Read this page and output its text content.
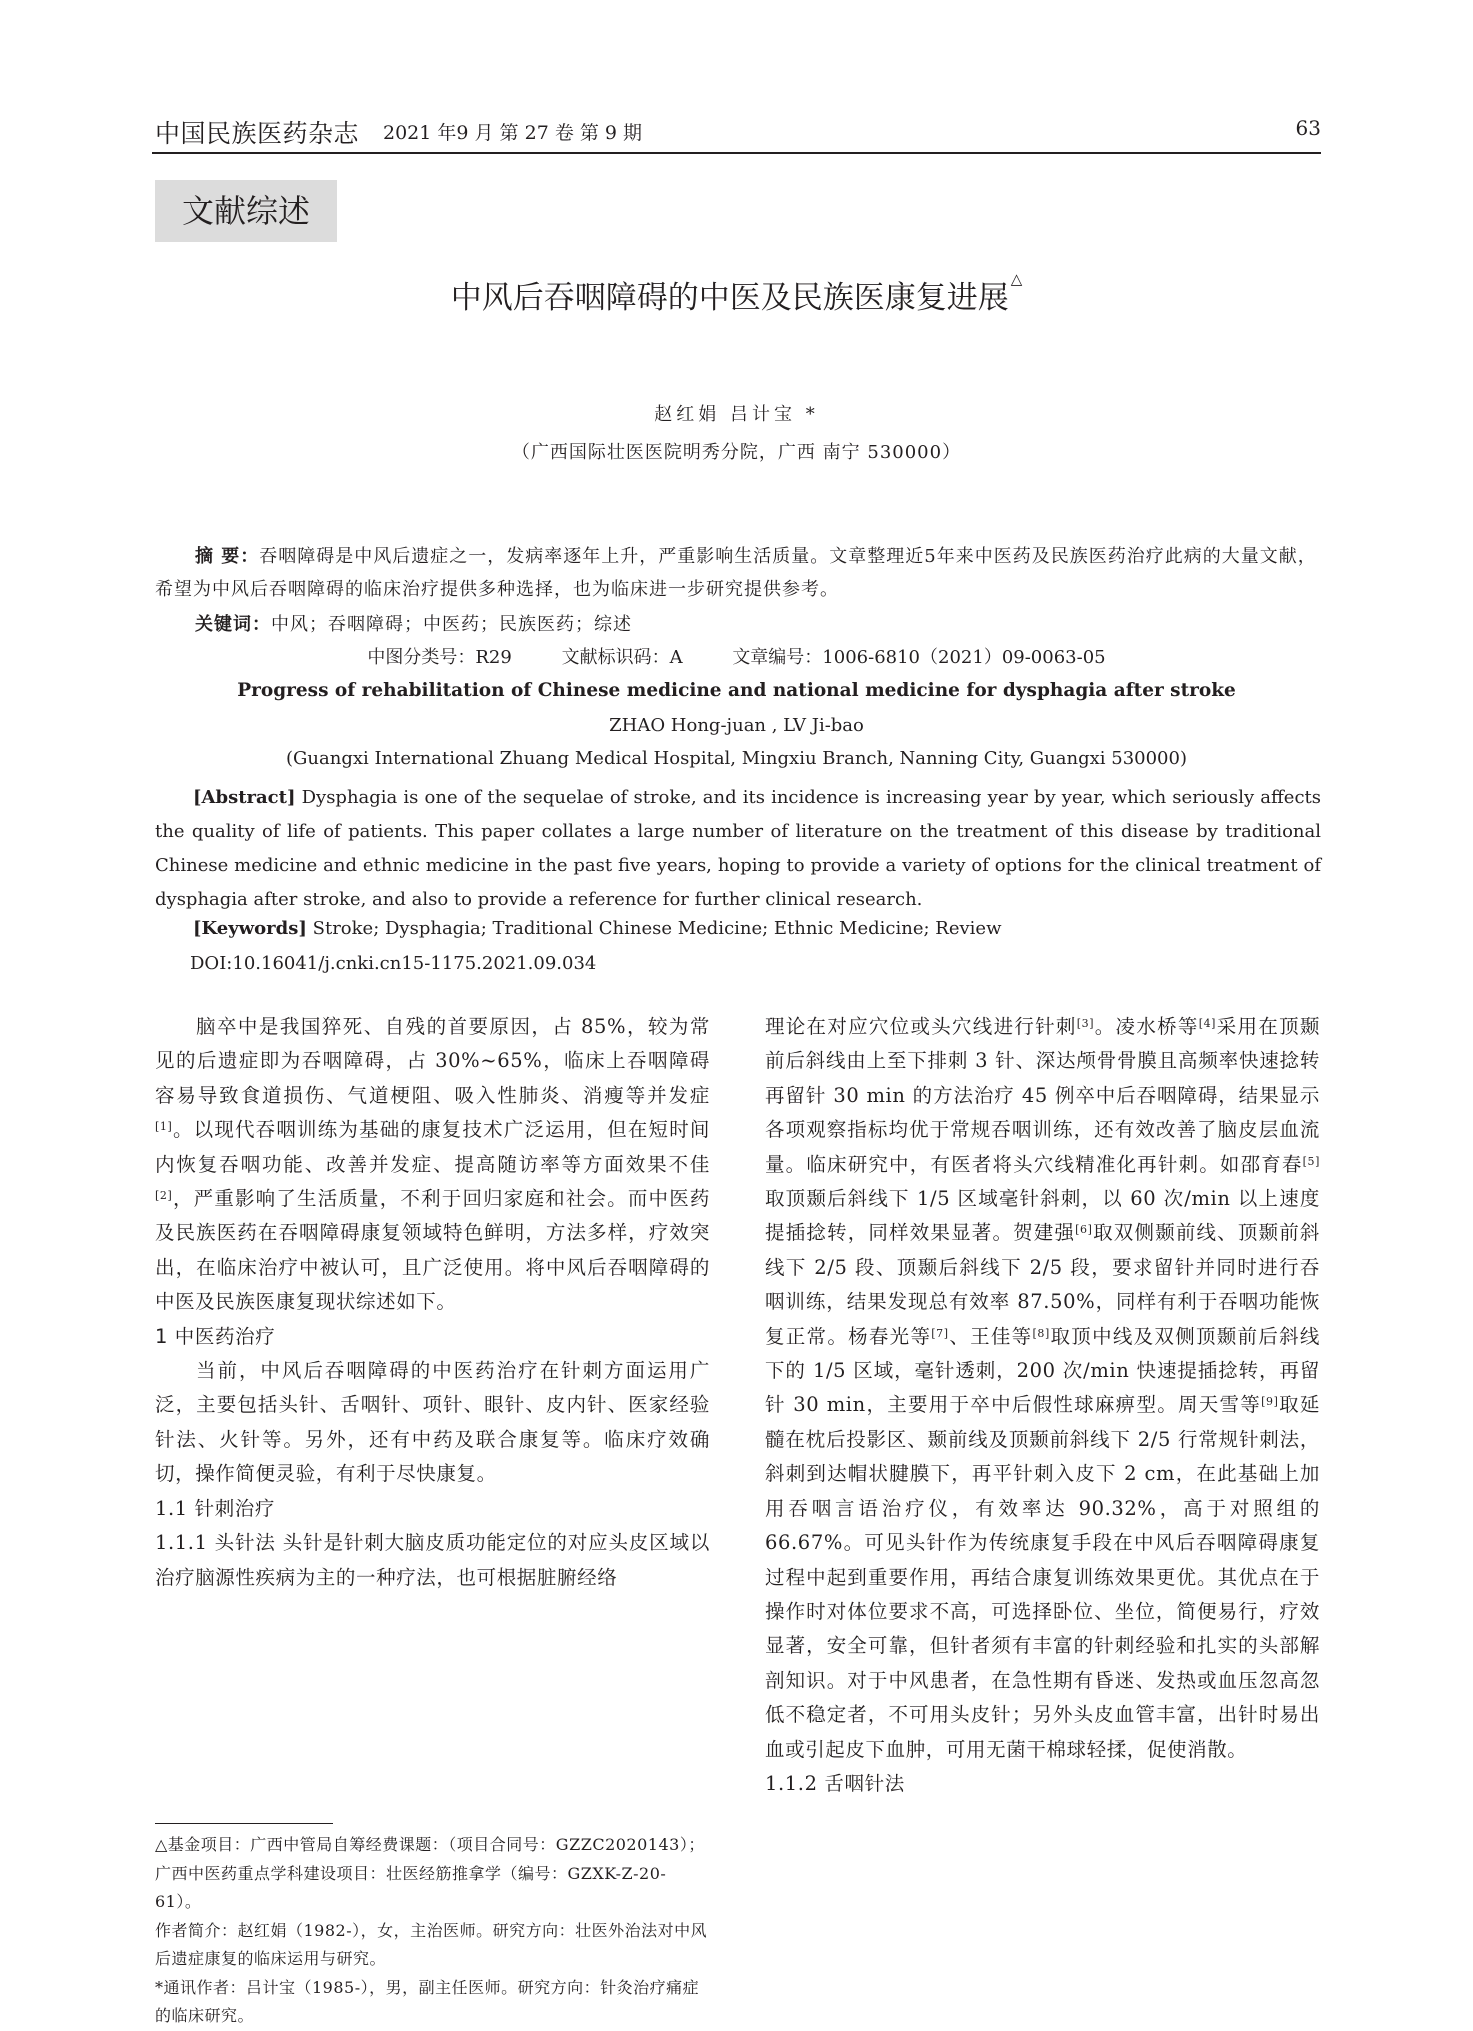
中国民族医药杂志 2021 年9 月 第 27 卷 第 9 期	63
文献综述
中风后吞咽障碍的中医及民族医康复进展△
赵红娟 吕计宝 *
（广西国际壮医医院明秀分院，广西 南宁 530000）
摘 要：吞咽障碍是中风后遗症之一，发病率逐年上升，严重影响生活质量。文章整理近5年来中医药及民族医药治疗此病的大量文献，希望为中风后吞咽障碍的临床治疗提供多种选择，也为临床进一步研究提供参考。
关键词：中风；吞咽障碍；中医药；民族医药；综述
中图分类号：R29	文献标识码：A	文章编号：1006-6810（2021）09-0063-05
Progress of rehabilitation of Chinese medicine and national medicine for dysphagia after stroke
ZHAO Hong-juan , LV Ji-bao
(Guangxi International Zhuang Medical Hospital, Mingxiu Branch, Nanning City, Guangxi 530000)
[Abstract] Dysphagia is one of the sequelae of stroke, and its incidence is increasing year by year, which seriously affects the quality of life of patients. This paper collates a large number of literature on the treatment of this disease by traditional Chinese medicine and ethnic medicine in the past five years, hoping to provide a variety of options for the clinical treatment of dysphagia after stroke, and also to provide a reference for further clinical research.
[Keywords] Stroke; Dysphagia; Traditional Chinese Medicine; Ethnic Medicine; Review
DOI:10.16041/j.cnki.cn15-1175.2021.09.034

脑卒中是我国猝死、自残的首要原因，占 85%，较为常见的后遗症即为吞咽障碍，占 30%~65%，临床上吞咽障碍容易导致食道损伤、气道梗阻、吸入性肺炎、消瘦等并发症[1]。以现代吞咽训练为基础的康复技术广泛运用，但在短时间内恢复吞咽功能、改善并发症、提高随访率等方面效果不佳[2]，严重影响了生活质量，不利于回归家庭和社会。而中医药及民族医药在吞咽障碍康复领域特色鲜明，方法多样，疗效突出，在临床治疗中被认可，且广泛使用。将中风后吞咽障碍的中医及民族医康复现状综述如下。

1 中医药治疗

当前，中风后吞咽障碍的中医药治疗在针刺方面运用广泛，主要包括头针、舌咽针、项针、眼针、皮内针、医家经验针法、火针等。另外，还有中药及联合康复等。临床疗效确切，操作简便灵验，有利于尽快康复。

1.1 针刺治疗

1.1.1 头针法 头针是针刺大脑皮质功能定位的对应头皮区域以治疗脑源性疾病为主的一种疗法，也可根据脏腑经络

△基金项目：广西中管局自筹经费课题：（项目合同号：GZZC2020143）；广西中医药重点学科建设项目：壮医经筋推拿学（编号：GZXK-Z-20-61）。

作者简介：赵红娟（1982-），女，主治医师。研究方向：壮医外治法对中风后遗症康复的临床运用与研究。

*通讯作者：吕计宝（1985-），男，副主任医师。研究方向：针灸治疗痛症的临床研究。

理论在对应穴位或头穴线进行针刺[3]。凌水桥等[4]采用在顶颞前后斜线由上至下排刺 3 针、深达颅骨骨膜且高频率快速捻转再留针 30 min 的方法治疗 45 例卒中后吞咽障碍，结果显示各项观察指标均优于常规吞咽训练，还有效改善了脑皮层血流量。临床研究中，有医者将头穴线精准化再针刺。如邵育春[5]取顶颞后斜线下 1/5 区域毫针斜刺，以 60 次/min 以上速度提插捻转，同样效果显著。贺建强[6]取双侧颞前线、顶颞前斜线下 2/5 段、顶颞后斜线下 2/5 段，要求留针并同时进行吞咽训练，结果发现总有效率 87.50%，同样有利于吞咽功能恢复正常。杨春光等[7]、王佳等[8]取顶中线及双侧顶颞前后斜线下的 1/5 区域，毫针透刺，200 次/min 快速提插捻转，再留针 30 min，主要用于卒中后假性球麻痹型。周天雪等[9]取延髓在枕后投影区、颞前线及顶颞前斜线下 2/5 行常规针刺法，斜刺到达帽状腱膜下，再平针刺入皮下 2 cm，在此基础上加用吞咽言语治疗仪，有效率达 90.32%，高于对照组的 66.67%。可见头针作为传统康复手段在中风后吞咽障碍康复过程中起到重要作用，再结合康复训练效果更优。其优点在于操作时对体位要求不高，可选择卧位、坐位，简便易行，疗效显著，安全可靠，但针者须有丰富的针刺经验和扎实的头部解剖知识。对于中风患者，在急性期有昏迷、发热或血压忽高忽低不稳定者，不可用头皮针；另外头皮血管丰富，出针时易出血或引起皮下血肿，可用无菌干棉球轻揉，促使消散。

1.1.2 舌咽针法
